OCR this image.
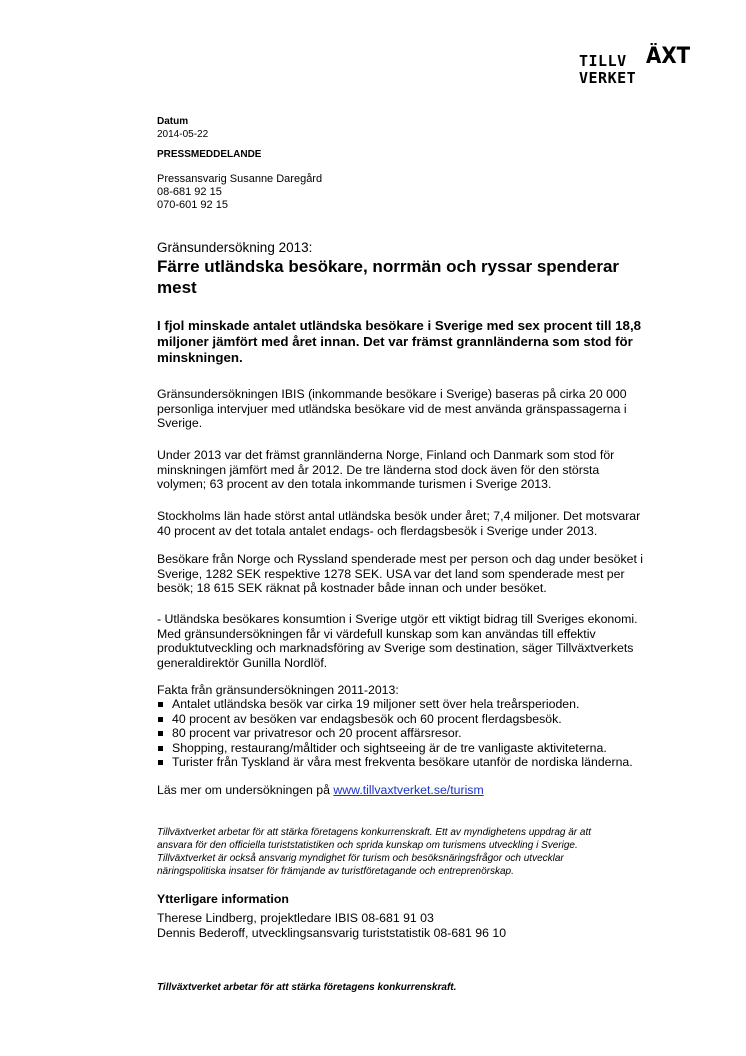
TILLV ÄXT
VERKET
Datum
2014-05-22
PRESSMEDDELANDE
Pressansvarig Susanne Daregård
08-681 92 15
070-601 92 15
Gränsundersökning 2013:
Färre utländska besökare, norrmän och ryssar spenderar
mest
I fjol minskade antalet utländska besökare i Sverige med sex procent till 18,8
miljoner jämfört med året innan. Det var främst grannländerna som stod för
minskningen.
Gränsundersökningen IBIS (inkommande besökare i Sverige) baseras på cirka 20 000
personliga intervjuer med utländska besökare vid de mest använda gränspassagerna i
Sverige.
Under 2013 var det främst grannländerna Norge, Finland och Danmark som stod för
minskningen jämfört med år 2012. De tre länderna stod dock även för den största
volymen; 63 procent av den totala inkommande turismen i Sverige 2013.
Stockholms län hade störst antal utländska besök under året; 7,4 miljoner. Det motsvarar
40 procent av det totala antalet endags- och flerdagsbesök i Sverige under 2013.
Besökare från Norge och Ryssland spenderade mest per person och dag under besöket i
Sverige, 1282 SEK respektive 1278 SEK. USA var det land som spenderade mest per
besök; 18 615 SEK räknat på kostnader både innan och under besöket.
- Utländska besökares konsumtion i Sverige utgör ett viktigt bidrag till Sveriges ekonomi.
Med gränsundersökningen får vi värdefull kunskap som kan användas till effektiv
produktutveckling och marknadsföring av Sverige som destination, säger Tillväxtverkets
generaldirektör Gunilla Nordlöf.
Fakta från gränsundersökningen 2011-2013:
Antalet utländska besök var cirka 19 miljoner sett över hela treårsperioden.
40 procent av besöken var endagsbesök och 60 procent flerdagsbesök.
80 procent var privatresor och 20 procent affärsresor.
Shopping, restaurang/måltider och sightseeing är de tre vanligaste aktiviteterna.
Turister från Tyskland är våra mest frekventa besökare utanför de nordiska länderna.
Läs mer om undersökningen på www.tillvaxtverket.se/turism
Tillväxtverket arbetar för att stärka företagens konkurrenskraft. Ett av myndighetens uppdrag är att
ansvara för den officiella turiststatistiken och sprida kunskap om turismens utveckling i Sverige.
Tillväxtverket är också ansvarig myndighet för turism och besöksnäringsfrågor och utvecklar
näringspolitiska insatser för främjande av turistföretagande och entreprenörskap.
Ytterligare information
Therese Lindberg, projektledare IBIS 08-681 91 03
Dennis Bederoff, utvecklingsansvarig turiststatistik 08-681 96 10
Tillväxtverket arbetar för att stärka företagens konkurrenskraft.
